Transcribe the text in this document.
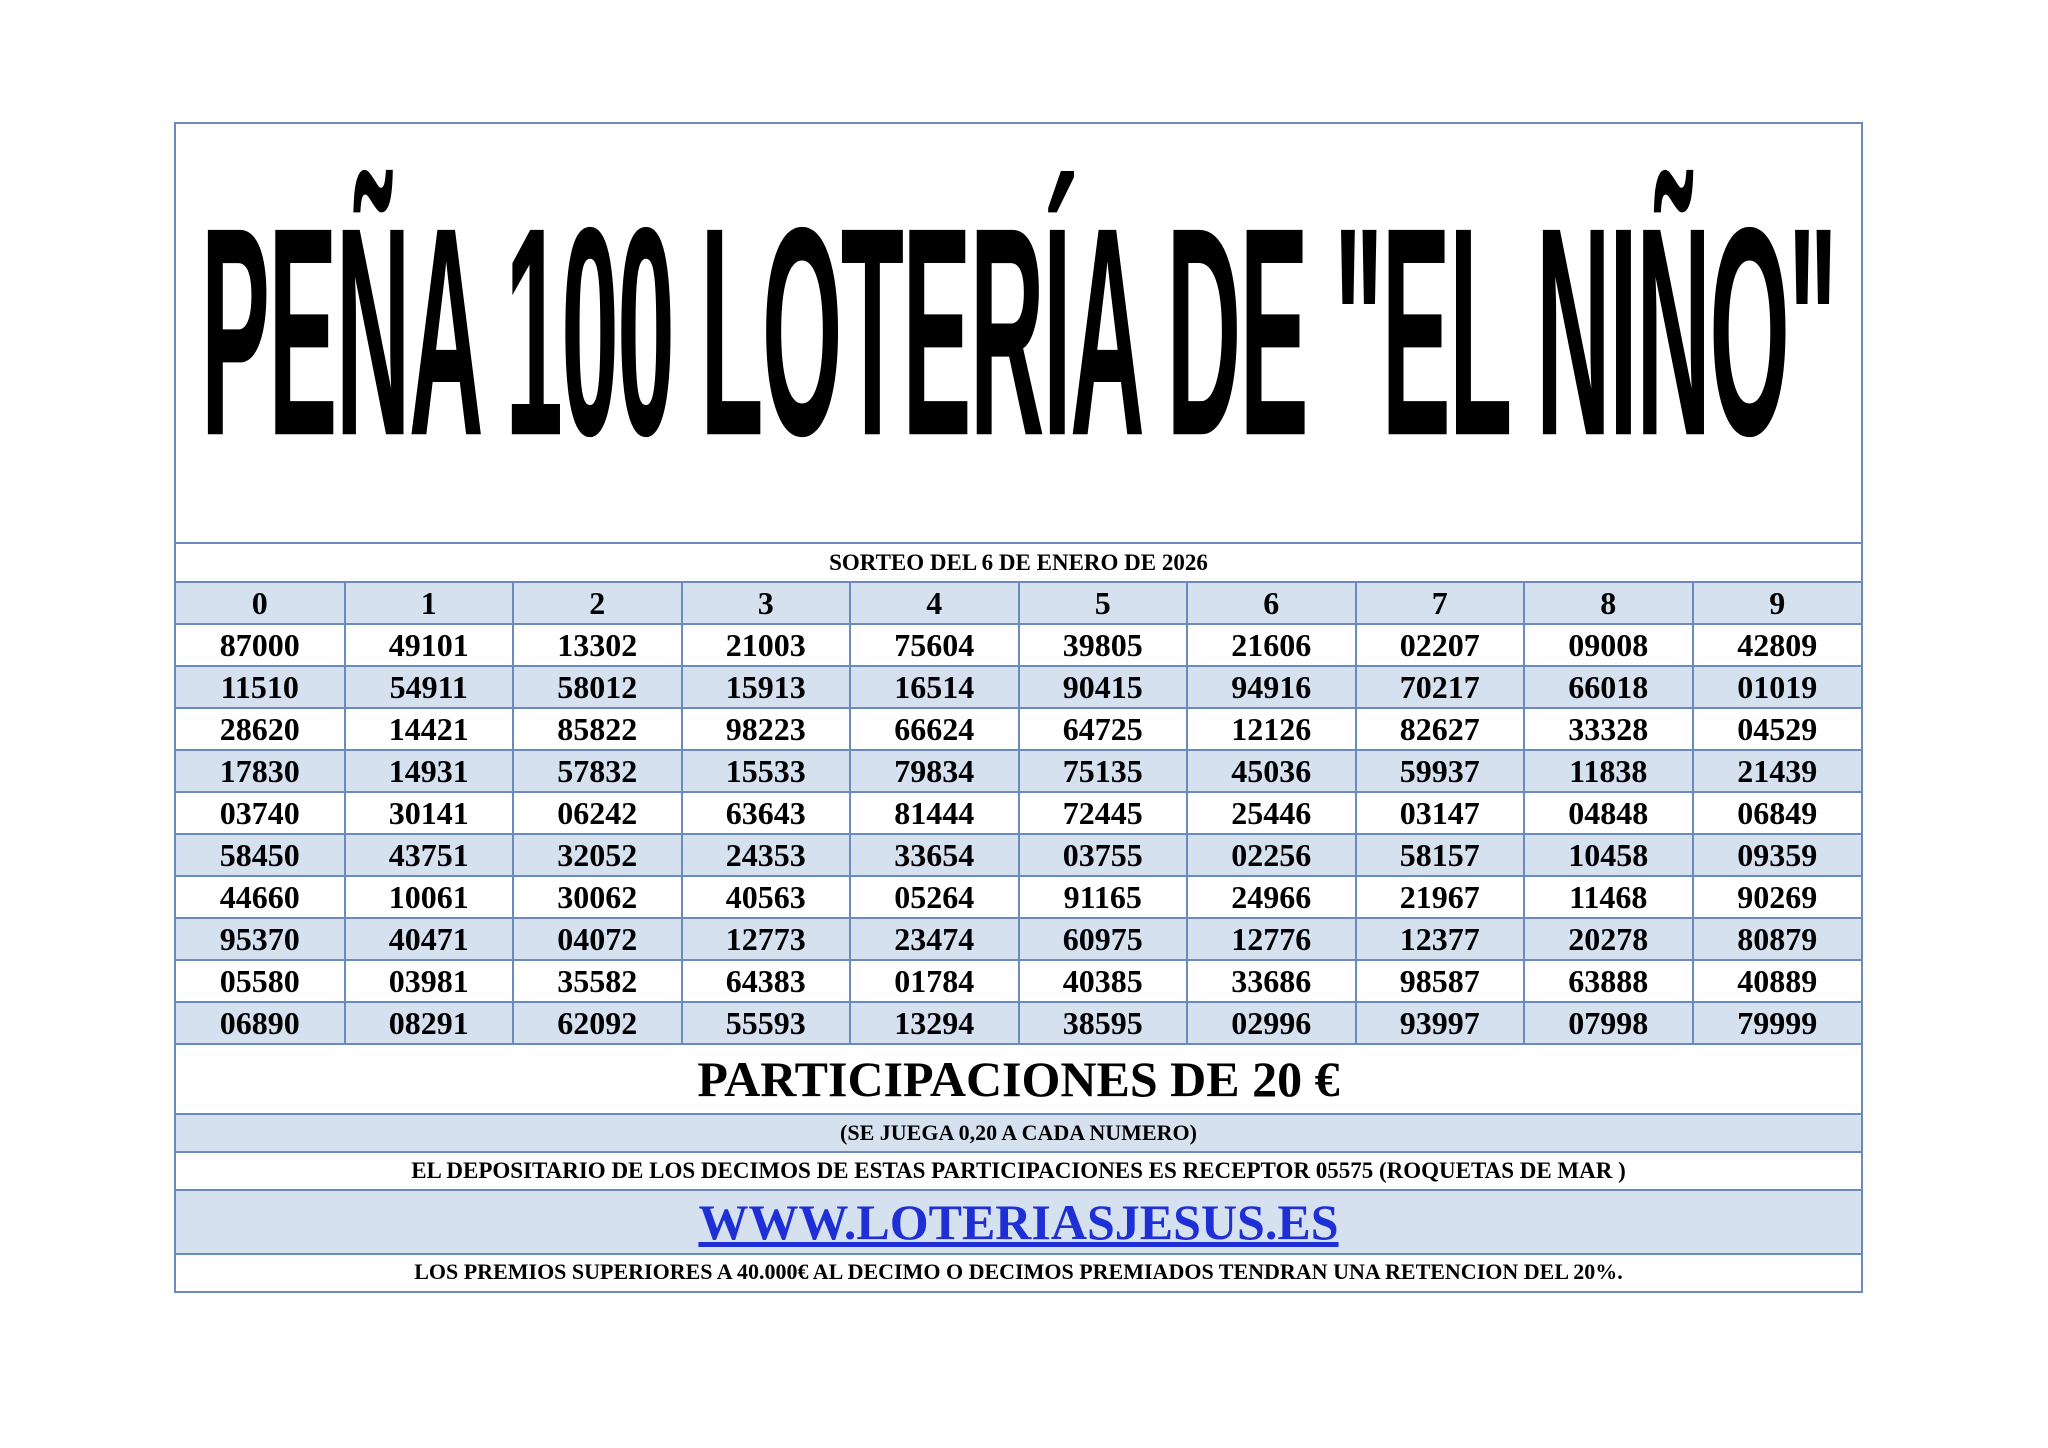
PEÑA 100 LOTERÍA DE "EL NIÑO"
SORTEO DEL 6 DE ENERO DE 2026
0	1	2	3	4	5	6	7	8	9
87000	49101	13302	21003	75604	39805	21606	02207	09008	42809
11510	54911	58012	15913	16514	90415	94916	70217	66018	01019
28620	14421	85822	98223	66624	64725	12126	82627	33328	04529
17830	14931	57832	15533	79834	75135	45036	59937	11838	21439
03740	30141	06242	63643	81444	72445	25446	03147	04848	06849
58450	43751	32052	24353	33654	03755	02256	58157	10458	09359
44660	10061	30062	40563	05264	91165	24966	21967	11468	90269
95370	40471	04072	12773	23474	60975	12776	12377	20278	80879
05580	03981	35582	64383	01784	40385	33686	98587	63888	40889
06890	08291	62092	55593	13294	38595	02996	93997	07998	79999
PARTICIPACIONES DE 20 €
(SE JUEGA 0,20 A CADA NUMERO)
EL DEPOSITARIO DE LOS DECIMOS DE ESTAS PARTICIPACIONES ES RECEPTOR 05575 (ROQUETAS DE MAR )
WWW.LOTERIASJESUS.ES
LOS PREMIOS SUPERIORES A 40.000€ AL DECIMO O DECIMOS PREMIADOS TENDRAN UNA RETENCION DEL 20%.
